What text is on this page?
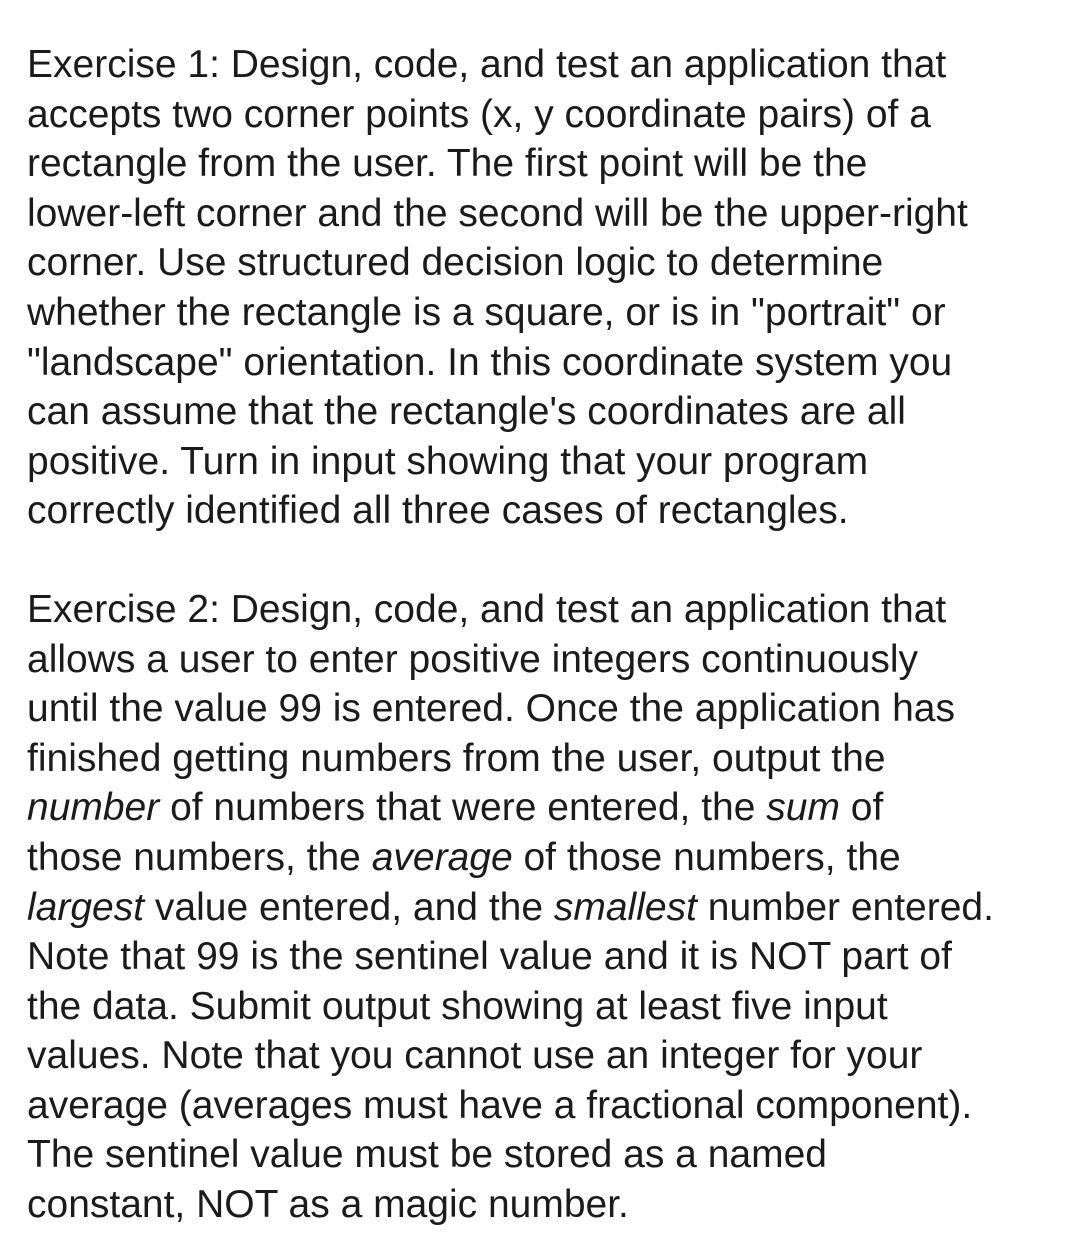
Exercise 1: Design, code, and test an application that
accepts two corner points (x, y coordinate pairs) of a
rectangle from the user. The first point will be the
lower-left corner and the second will be the upper-right
corner. Use structured decision logic to determine
whether the rectangle is a square, or is in "portrait" or
"landscape" orientation. In this coordinate system you
can assume that the rectangle's coordinates are all
positive. Turn in input showing that your program
correctly identified all three cases of rectangles.

Exercise 2: Design, code, and test an application that
allows a user to enter positive integers continuously
until the value 99 is entered. Once the application has
finished getting numbers from the user, output the
number of numbers that were entered, the sum of
those numbers, the average of those numbers, the
largest value entered, and the smallest number entered.
Note that 99 is the sentinel value and it is NOT part of
the data. Submit output showing at least five input
values. Note that you cannot use an integer for your
average (averages must have a fractional component).
The sentinel value must be stored as a named
constant, NOT as a magic number.
